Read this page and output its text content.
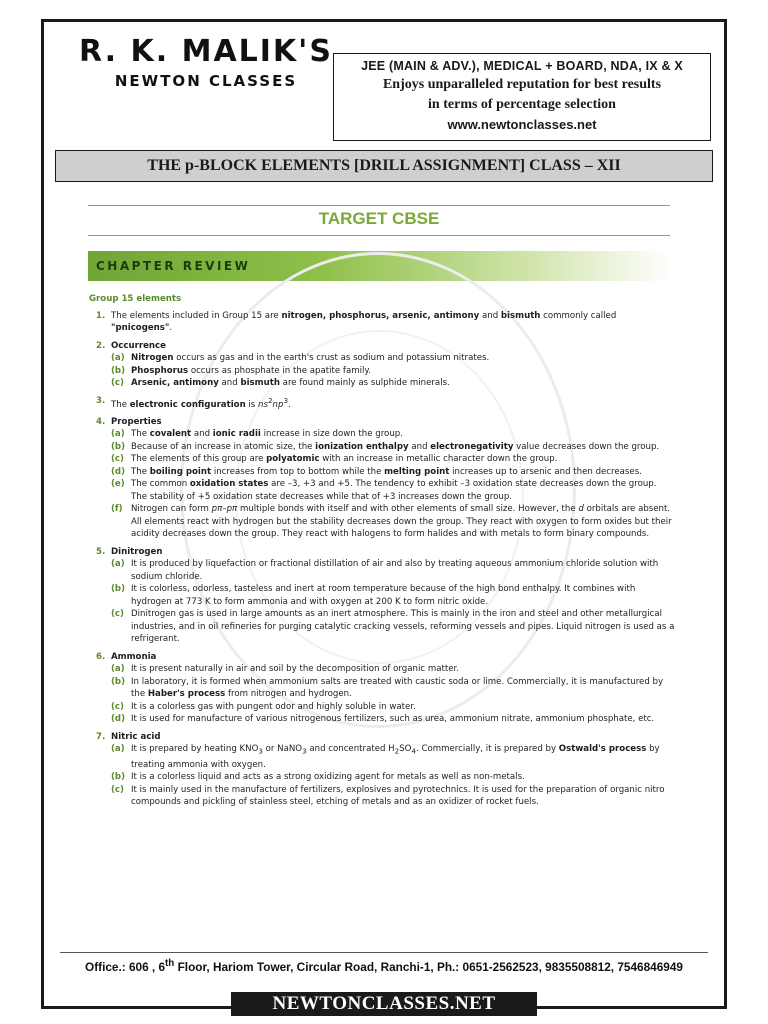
R. K. MALIK'S
NEWTON CLASSES
JEE (MAIN & ADV.), MEDICAL + BOARD, NDA, IX & X
Enjoys unparalleled reputation for best results
in terms of percentage selection
www.newtonclasses.net
THE p-BLOCK ELEMENTS [DRILL ASSIGNMENT] CLASS – XII
TARGET CBSE
CHAPTER REVIEW
Group 15 elements
1. The elements included in Group 15 are nitrogen, phosphorus, arsenic, antimony and bismuth commonly called "pnicogens".
2. Occurrence
(a) Nitrogen occurs as gas and in the earth's crust as sodium and potassium nitrates.
(b) Phosphorus occurs as phosphate in the apatite family.
(c) Arsenic, antimony and bismuth are found mainly as sulphide minerals.
3. The electronic configuration is $ns^2np^3$.
4. Properties
(a) The covalent and ionic radii increase in size down the group.
(b) Because of an increase in atomic size, the ionization enthalpy and electronegativity value decreases down the group.
(c) The elements of this group are polyatomic with an increase in metallic character down the group.
(d) The boiling point increases from top to bottom while the melting point increases up to arsenic and then decreases.
(e) The common oxidation states are –3, +3 and +5. The tendency to exhibit –3 oxidation state decreases down the group. The stability of +5 oxidation state decreases while that of +3 increases down the group.
(f) Nitrogen can form pπ–pπ multiple bonds with itself and with other elements of small size. However, the d orbitals are absent. All elements react with hydrogen but the stability decreases down the group. They react with oxygen to form oxides but their acidity decreases down the group. They react with halogens to form halides and with metals to form binary compounds.
5. Dinitrogen
(a) It is produced by liquefaction or fractional distillation of air and also by treating aqueous ammonium chloride solution with sodium chloride.
(b) It is colorless, odorless, tasteless and inert at room temperature because of the high bond enthalpy. It combines with hydrogen at 773 K to form ammonia and with oxygen at 200 K to form nitric oxide.
(c) Dinitrogen gas is used in large amounts as an inert atmosphere. This is mainly in the iron and steel and other metallurgical industries, and in oil refineries for purging catalytic cracking vessels, reforming vessels and pipes. Liquid nitrogen is used as a refrigerant.
6. Ammonia
(a) It is present naturally in air and soil by the decomposition of organic matter.
(b) In laboratory, it is formed when ammonium salts are treated with caustic soda or lime. Commercially, it is manufactured by the Haber's process from nitrogen and hydrogen.
(c) It is a colorless gas with pungent odor and highly soluble in water.
(d) It is used for manufacture of various nitrogenous fertilizers, such as urea, ammonium nitrate, ammonium phosphate, etc.
7. Nitric acid
(a) It is prepared by heating $KNO_3$ or NaNO$_3$ and concentrated $H_2SO_4$. Commercially, it is prepared by Ostwald's process by treating ammonia with oxygen.
(b) It is a colorless liquid and acts as a strong oxidizing agent for metals as well as non-metals.
(c) It is mainly used in the manufacture of fertilizers, explosives and pyrotechnics. It is used for the preparation of organic nitro compounds and pickling of stainless steel, etching of metals and as an oxidizer of rocket fuels.
Office.: 606 , 6th Floor, Hariom Tower, Circular Road, Ranchi-1, Ph.: 0651-2562523, 9835508812, 7546846949
NEWTONCLASSES.NET
